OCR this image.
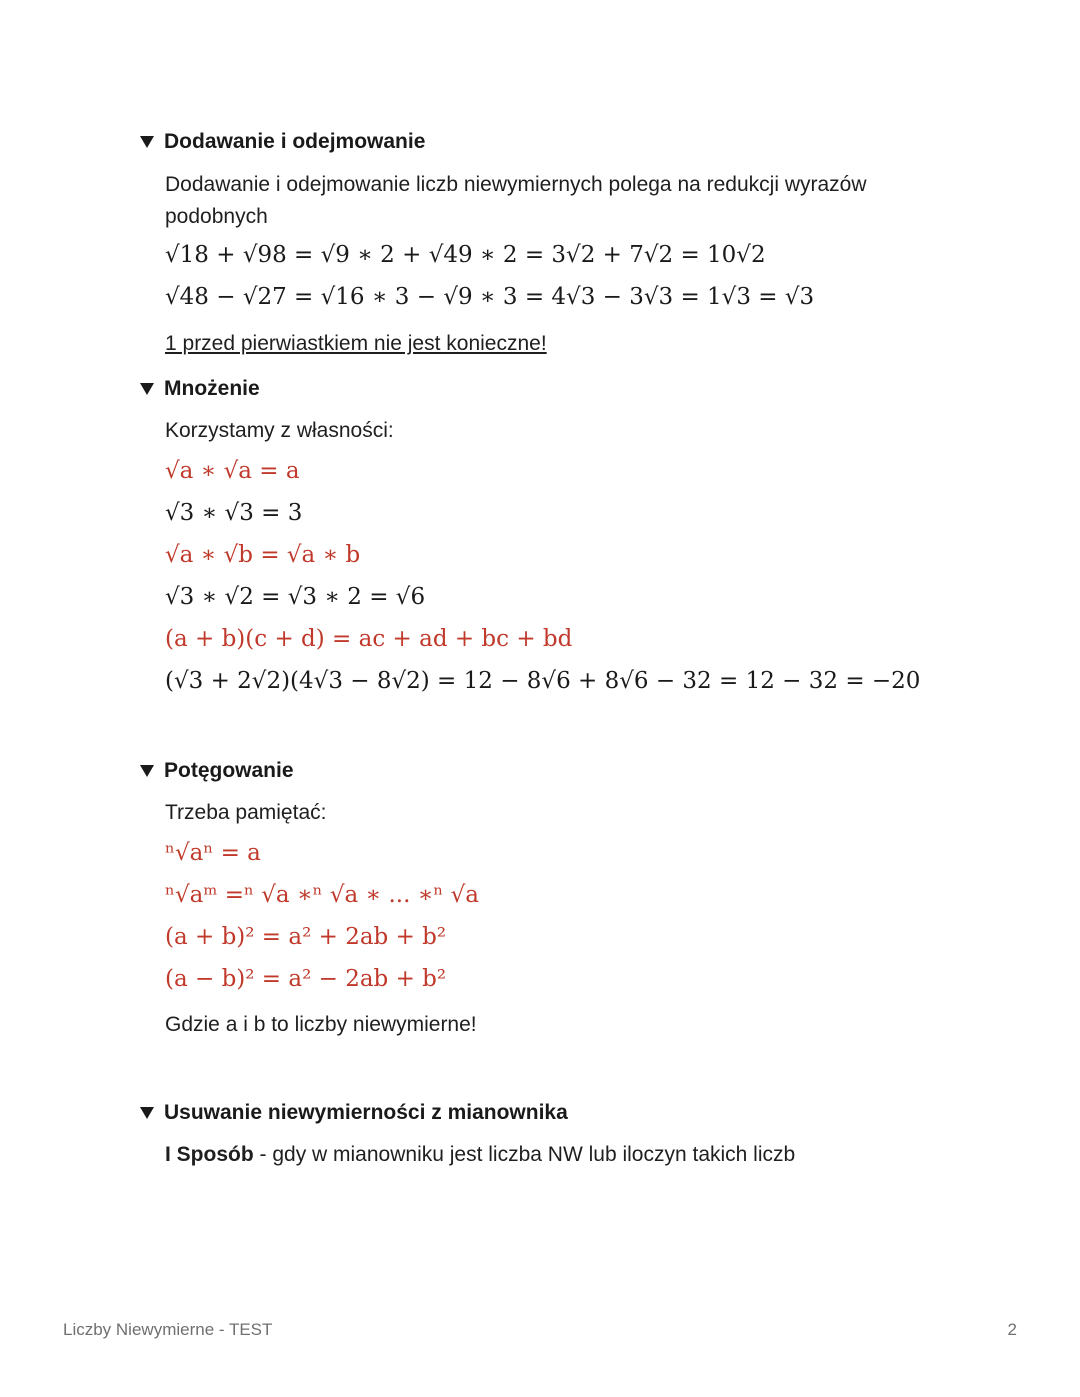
Dodawanie i odejmowanie
Dodawanie i odejmowanie liczb niewymiernych polega na redukcji wyrazów
podobnych
√18 + √98 = √9 ∗ 2 + √49 ∗ 2 = 3√2 + 7√2 = 10√2
√48 − √27 = √16 ∗ 3 − √9 ∗ 3 = 4√3 − 3√3 = 1√3 = √3
1 przed pierwiastkiem nie jest konieczne!
Mnożenie
Korzystamy z własności:
√a ∗ √a = a
√3 ∗ √3 = 3
√a ∗ √b = √a ∗ b
√3 ∗ √2 = √3 ∗ 2 = √6
(a + b)(c + d) = ac + ad + bc + bd
(√3 + 2√2)(4√3 − 8√2) = 12 − 8√6 + 8√6 − 32 = 12 − 32 = −20
Potęgowanie
Trzeba pamiętać:
ⁿ√aⁿ = a
ⁿ√aᵐ =ⁿ √a ∗ⁿ √a ∗ ... ∗ⁿ √a
(a + b)² = a² + 2ab + b²
(a − b)² = a² − 2ab + b²
Gdzie a i b to liczby niewymierne!
Usuwanie niewymierności z mianownika
I Sposób - gdy w mianowniku jest liczba NW lub iloczyn takich liczb
Liczby Niewymierne - TEST	2
